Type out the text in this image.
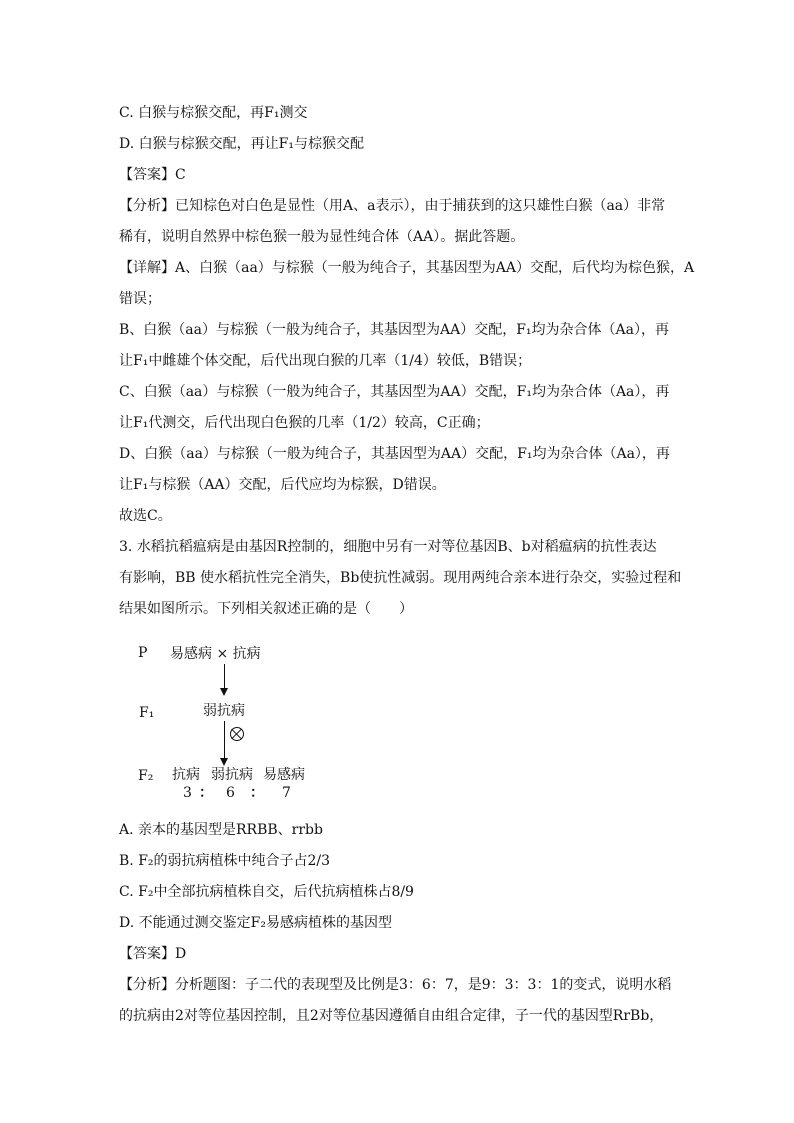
C. 白猴与棕猴交配，再F₁测交
D. 白猴与棕猴交配，再让F₁与棕猴交配
【答案】C
【分析】已知棕色对白色是显性（用A、a表示），由于捕获到的这只雄性白猴（aa）非常
稀有，说明自然界中棕色猴一般为显性纯合体（AA）。据此答题。
【详解】A、白猴（aa）与棕猴（一般为纯合子，其基因型为AA）交配，后代均为棕色猴，A
错误；
B、白猴（aa）与棕猴（一般为纯合子，其基因型为AA）交配，F₁均为杂合体（Aa），再
让F₁中雌雄个体交配，后代出现白猴的几率（1/4）较低，B错误；
C、白猴（aa）与棕猴（一般为纯合子，其基因型为AA）交配，F₁均为杂合体（Aa），再
让F₁代测交，后代出现白色猴的几率（1/2）较高，C正确；
D、白猴（aa）与棕猴（一般为纯合子，其基因型为AA）交配，F₁均为杂合体（Aa），再
让F₁与棕猴（AA）交配，后代应均为棕猴，D错误。
故选C。
3. 水稻抗稻瘟病是由基因R控制的，细胞中另有一对等位基因B、b对稻瘟病的抗性表达
有影响，BB 使水稻抗性完全消失，Bb使抗性减弱。现用两纯合亲本进行杂交，实验过程和
结果如图所示。下列相关叙述正确的是（　　）
P 易感病 × 抗病
F₁	弱抗病
F₂ 抗病 弱抗病 易感病
3 ： 6 ： 7
A. 亲本的基因型是RRBB、rrbb
B. F₂的弱抗病植株中纯合子占2/3
C. F₂中全部抗病植株自交，后代抗病植株占8/9
D. 不能通过测交鉴定F₂易感病植株的基因型
【答案】D
【分析】分析题图：子二代的表现型及比例是3：6：7，是9：3：3：1的变式，说明水稻
的抗病由2对等位基因控制，且2对等位基因遵循自由组合定律，子一代的基因型RrBb，
